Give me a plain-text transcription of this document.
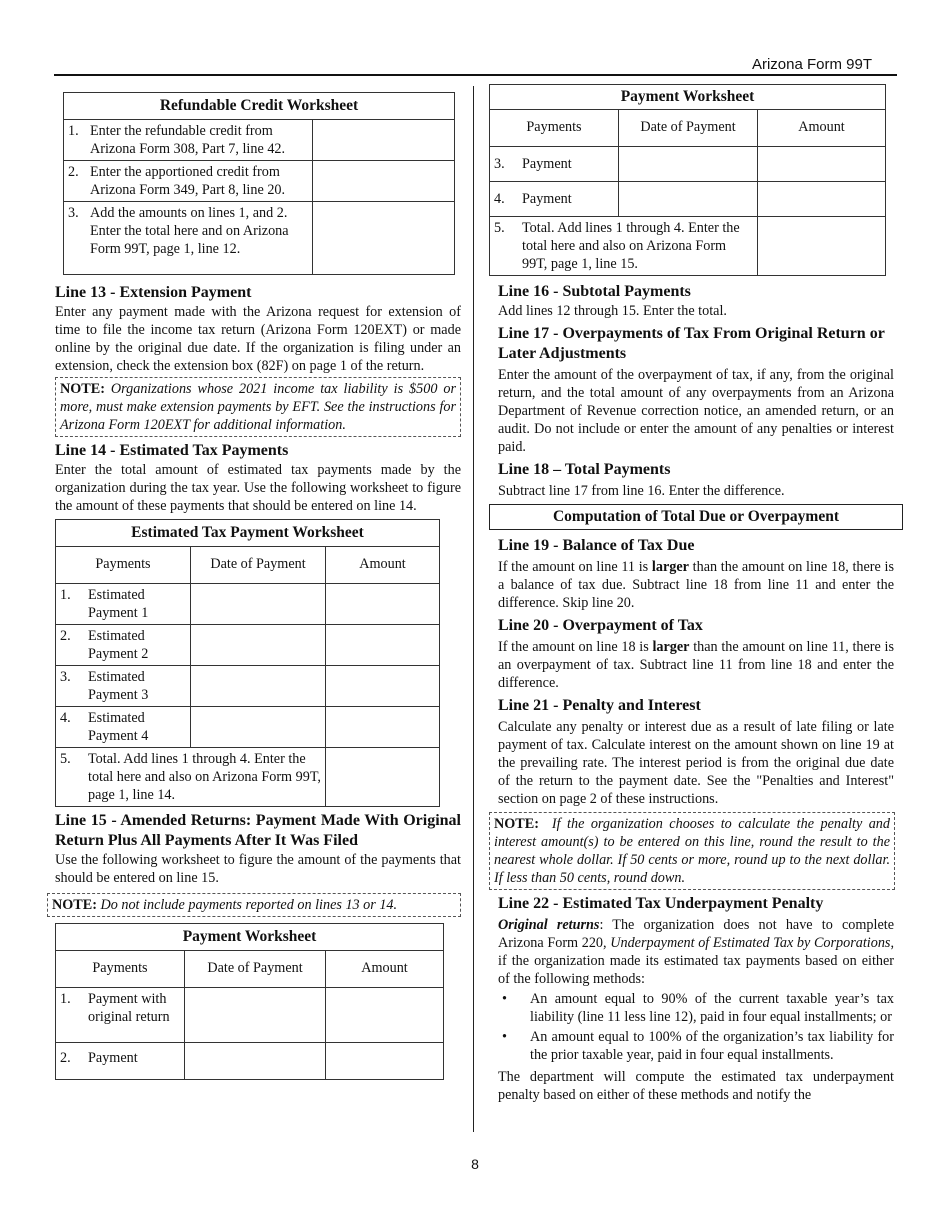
Arizona Form 99T
Refundable Credit Worksheet	

1. Enter the refundable credit from Arizona Form 308, Part 7, line 42.	

2. Enter the apportioned credit from Arizona Form 349, Part 8, line 20.	

3. Add the amounts on lines 1, and 2. Enter the total here and on Arizona Form 99T, page 1, line 12.	

Line 13 - Extension Payment

Enter any payment made with the Arizona request for extension of time to file the income tax return (Arizona Form 120EXT) or made online by the original due date. If the organization is filing under an extension, check the extension box (82F) on page 1 of the return.

NOTE: Organizations whose 2021 income tax liability is $500 or more, must make extension payments by EFT. See the instructions for Arizona Form 120EXT for additional information.
Line 14 - Estimated Tax Payments

Enter the total amount of estimated tax payments made by the organization during the tax year. Use the following worksheet to figure the amount of these payments that should be entered on line 14.

Estimated Tax Payment Worksheet		
Payments	Date of Payment	Amount

1. Estimated Payment 1		

2. Estimated Payment 2		

3. Estimated Payment 3		

4. Estimated Payment 4		

5. Total. Add lines 1 through 4. Enter the total here and also on Arizona Form 99T, page 1, line 14.		

Line 15 - Amended Returns: Payment Made With Original Return Plus All Payments After It Was Filed

Use the following worksheet to figure the amount of the payments that should be entered on line 15.

NOTE: Do not include payments reported on lines 13 or 14.
Payment Worksheet		
Payments	Date of Payment	Amount

1. Payment with original return		

2. Payment		

Payment Worksheet		
Payments	Date of Payment	Amount

3. Payment		

4. Payment		

5. Total. Add lines 1 through 4. Enter the total here and also on Arizona Form 99T, page 1, line 15.		

Line 16 - Subtotal Payments

Add lines 12 through 15. Enter the total.

Line 17 - Overpayments of Tax From Original Return or Later Adjustments

Enter the amount of the overpayment of tax, if any, from the original return, and the total amount of any overpayments from an Arizona Department of Revenue correction notice, an amended return, or an audit. Do not include or enter the amount of any penalties or interest paid.

Line 18 – Total Payments

Subtract line 17 from line 16. Enter the difference.

Computation of Total Due or Overpayment
Line 19 - Balance of Tax Due

If the amount on line 11 is larger than the amount on line 18, there is a balance of tax due. Subtract line 18 from line 11 and enter the difference. Skip line 20.

Line 20 - Overpayment of Tax

If the amount on line 18 is larger than the amount on line 11, there is an overpayment of tax. Subtract line 11 from line 18 and enter the difference.

Line 21 - Penalty and Interest

Calculate any penalty or interest due as a result of late filing or late payment of tax. Calculate interest on the amount shown on line 19 at the prevailing rate. The interest period is from the original due date of the return to the payment date. See the "Penalties and Interest" section on page 2 of these instructions.

NOTE: If the organization chooses to calculate the penalty and interest amount(s) to be entered on this line, round the result to the nearest whole dollar. If 50 cents or more, round up to the next dollar. If less than 50 cents, round down.
Line 22 - Estimated Tax Underpayment Penalty

Original returns: The organization does not have to complete Arizona Form 220, Underpayment of Estimated Tax by Corporations, if the organization made its estimated tax payments based on either of the following methods:

•	An amount equal to 90% of the current taxable year’s tax liability (line 11 less line 12), paid in four equal installments; or
•	An amount equal to 100% of the organization’s tax liability for the prior taxable year, paid in four equal installments.

The department will compute the estimated tax underpayment penalty based on either of these methods and notify the

8
